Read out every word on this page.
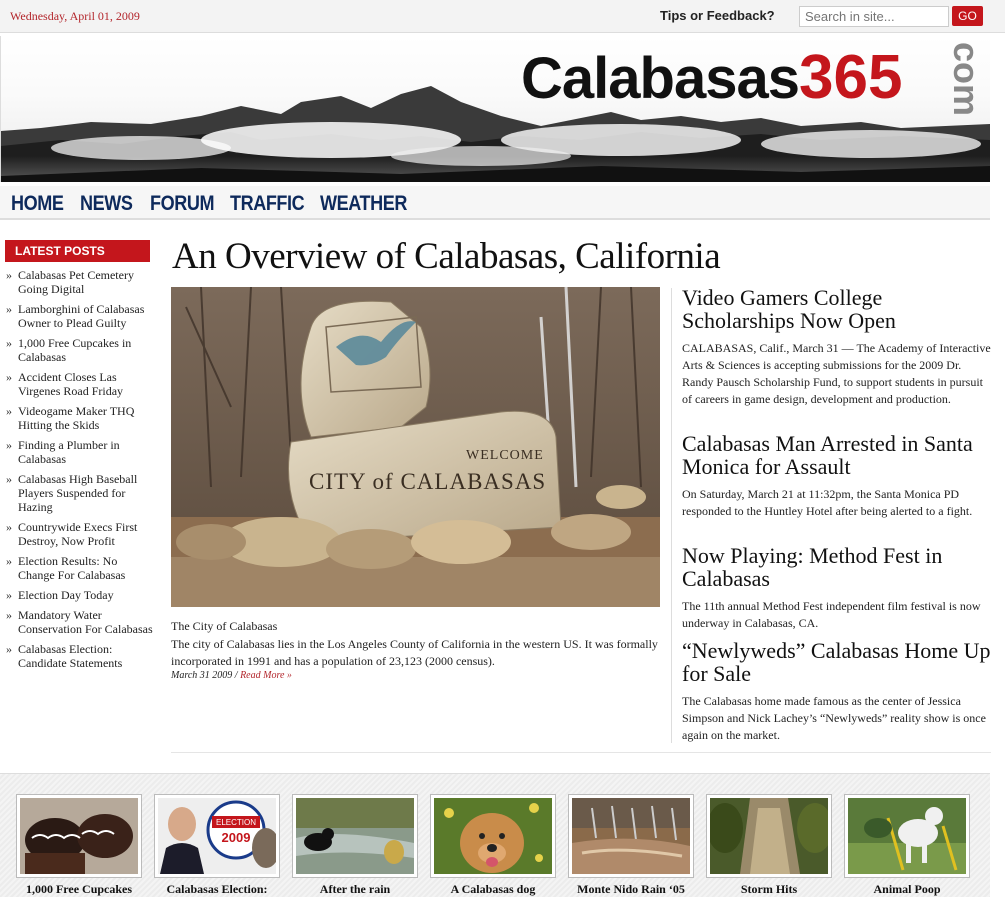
Wednesday, April 01, 2009	Tips or Feedback?
Search in site...	GO
Calabasas365 com
HOME NEWS FORUM TRAFFIC WEATHER
LATEST POSTS
» Calabasas Pet Cemetery Going Digital
» Lamborghini of Calabasas Owner to Plead Guilty
» 1,000 Free Cupcakes in Calabasas
» Accident Closes Las Virgenes Road Friday
» Videogame Maker THQ Hitting the Skids
» Finding a Plumber in Calabasas
» Calabasas High Baseball Players Suspended for Hazing
» Countrywide Execs First Destroy, Now Profit
» Election Results: No Change For Calabasas
» Election Day Today
» Mandatory Water Conservation For Calabasas
» Calabasas Election: Candidate Statements
An Overview of Calabasas, California
WELCOME
CITY of CALABASAS
The City of Calabasas
The city of Calabasas lies in the Los Angeles County of California in the western US. It was formally incorporated in 1991 and has a population of 23,123 (2000 census).
March 31 2009 / Read More »
Video Gamers College Scholarships Now Open

CALABASAS, Calif., March 31 — The Academy of Interactive Arts & Sciences is accepting submissions for the 2009 Dr. Randy Pausch Scholarship Fund, to support students in pursuit of careers in game design, development and production.

Calabasas Man Arrested in Santa Monica for Assault

On Saturday, March 21 at 11:32pm, the Santa Monica PD responded to the Huntley Hotel after being alerted to a fight.

Now Playing: Method Fest in Calabasas

The 11th annual Method Fest independent film festival is now underway in Calabasas, CA.

“Newlyweds” Calabasas Home Up for Sale

The Calabasas home made famous as the center of Jessica Simpson and Nick Lachey’s “Newlyweds” reality show is once again on the market.

1,000 Free Cupcakes
ELECTION
2009
Calabasas Election:	After the rain	A Calabasas dog	Monte Nido Rain ‘05	Storm Hits	Animal Poop
